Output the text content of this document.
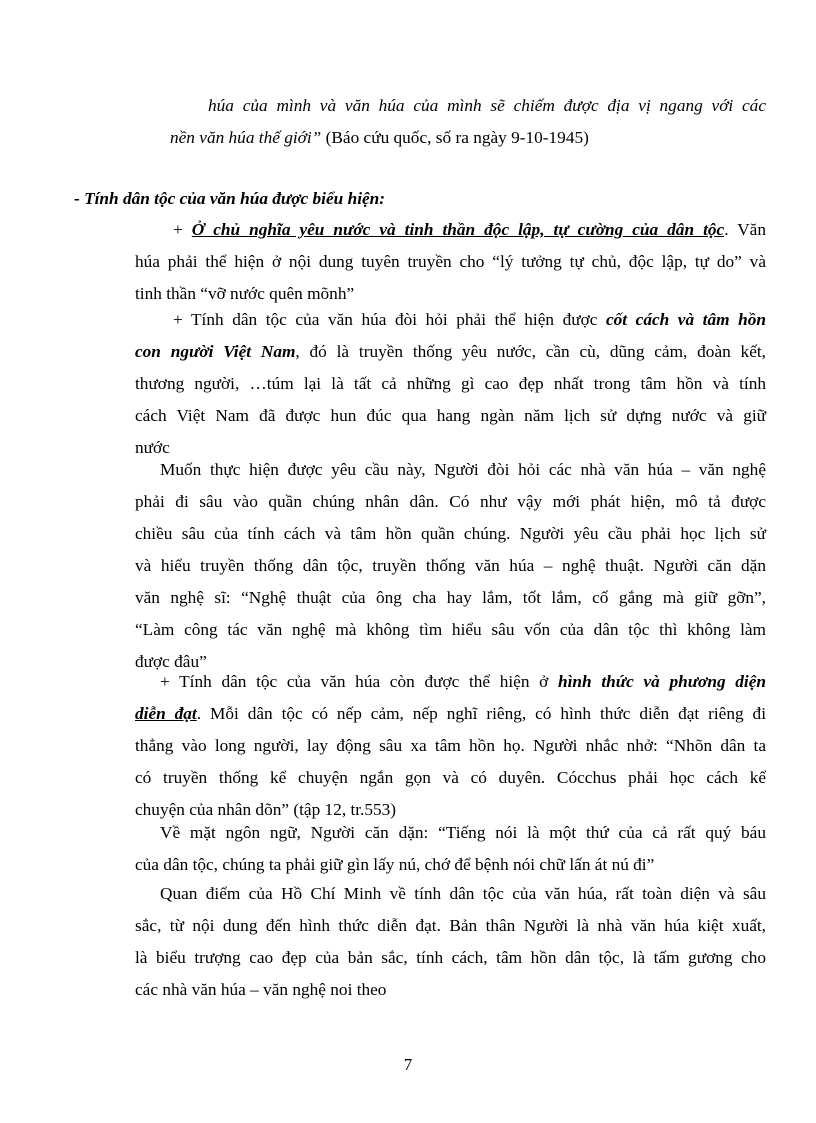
húa của mình và văn húa của mình sẽ chiếm được địa vị ngang với các
nền văn húa thế giới” (Báo cứu quốc, số ra ngày 9-10-1945)
- Tính dân tộc của văn húa được biểu hiện:
+ Ở chủ nghĩa yêu nước và tinh thần độc lập, tự cường của dân tộc. Văn
húa phải thể hiện ở nội dung tuyên truyền cho “lý tưởng tự chủ, độc lập, tự do” và
tinh thần “vỡ nước quên mõnh”
+ Tính dân tộc của văn húa đòi hỏi phải thể hiện được cốt cách và tâm hồn
con người Việt Nam, đó là truyền thống yêu nước, cần cù, dũng cảm, đoàn kết,
thương người, …túm lại là tất cả những gì cao đẹp nhất trong tâm hồn và tính
cách Việt Nam đã được hun đúc qua hang ngàn năm lịch sử dựng nước và giữ
nước
Muốn thực hiện được yêu cầu này, Người đòi hỏi các nhà văn húa – văn nghệ
phải đi sâu vào quần chúng nhân dân. Có như vậy mới phát hiện, mô tả được
chiều sâu của tính cách và tâm hồn quần chúng. Người yêu cầu phải học lịch sử
và hiểu truyền thống dân tộc, truyền thống văn húa – nghệ thuật. Người căn dặn
văn nghệ sĩ: “Nghệ thuật của ông cha hay lắm, tốt lắm, cố gắng mà giữ gỡn”,
“Làm công tác văn nghệ mà không tìm hiểu sâu vốn của dân tộc thì không làm
được đâu”
+ Tính dân tộc của văn húa còn được thể hiện ở hình thức và phương diện
diễn đạt. Mỗi dân tộc có nếp cảm, nếp nghĩ riêng, có hình thức diễn đạt riêng đi
thẳng vào long người, lay động sâu xa tâm hồn họ. Người nhắc nhở: “Nhõn dân ta
có truyền thống kể chuyện ngắn gọn và có duyên. Cócchus phải học cách kể
chuyện của nhân dõn” (tập 12, tr.553)
Về mặt ngôn ngữ, Người căn dặn: “Tiếng nói là một thứ của cả rất quý báu
của dân tộc, chúng ta phải giữ gìn lấy nú, chớ để bệnh nói chữ lấn át nú đi”
Quan điểm của Hồ Chí Minh về tính dân tộc của văn húa, rất toàn diện và sâu
sắc, từ nội dung đến hình thức diễn đạt. Bản thân Người là nhà văn húa kiệt xuất,
là biểu trượng cao đẹp của bản sắc, tính cách, tâm hồn dân tộc, là tấm gương cho
các nhà văn húa – văn nghệ noi theo
7
